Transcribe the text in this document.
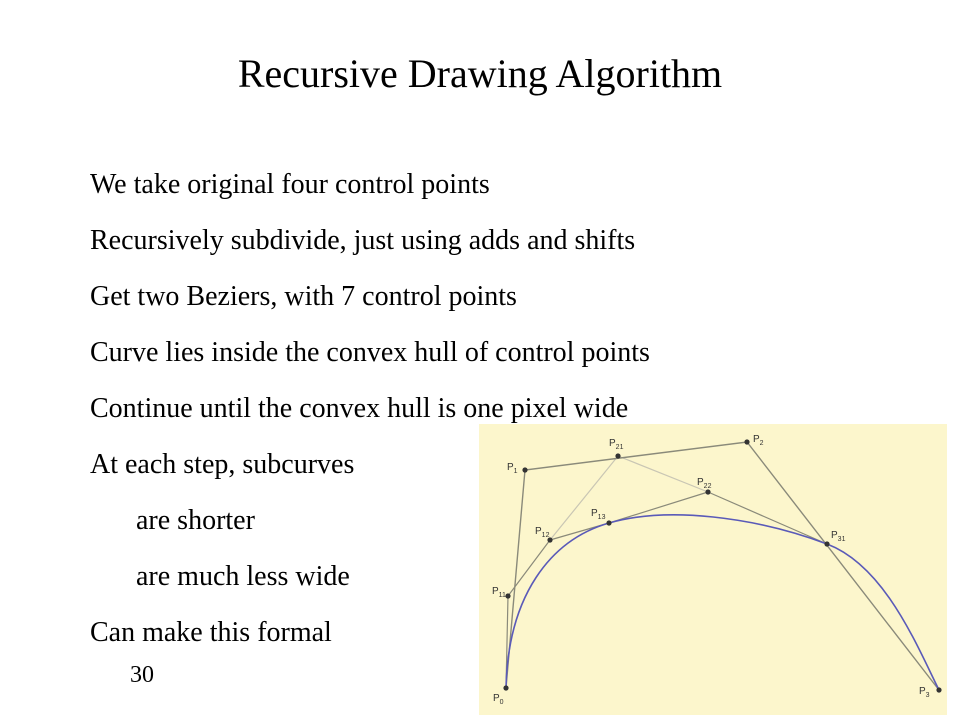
Recursive Drawing Algorithm
We take original four control points
Recursively subdivide, just using adds and shifts
Get two Beziers, with 7 control points
Curve lies inside the convex hull of control points
Continue until the convex hull is one pixel wide
At each step, subcurves
are shorter
are much less wide
Can make this formal
30
$P_0$
$P_1$
$P_2$
$P_3$
$P_{11}$
$P_{12}$
$P_{13}$
$P_{21}$
$P_{22}$
$P_{31}$
